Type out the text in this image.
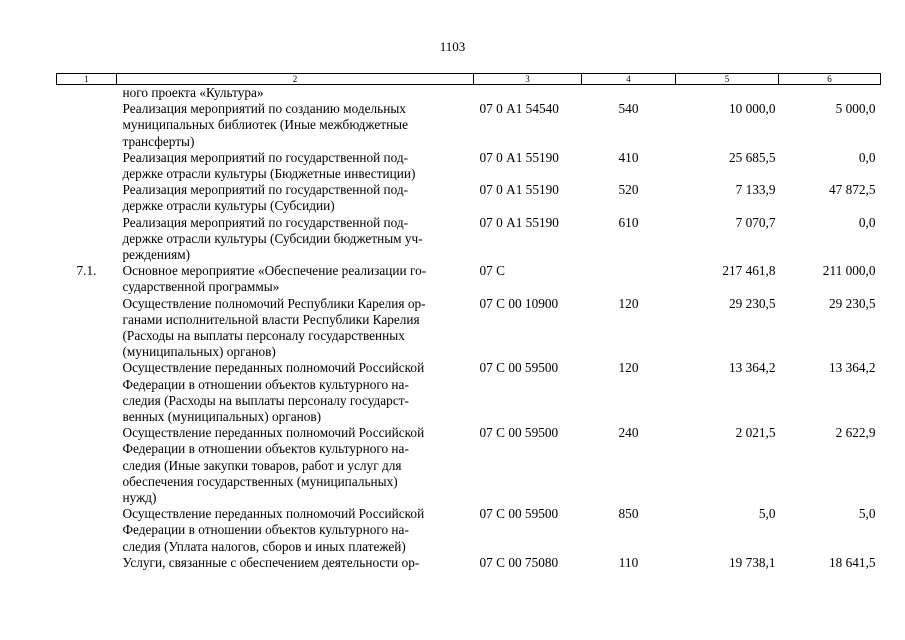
1103
1	2	3	4	5	6

	ного проекта «Культура»				

	Реализация мероприятий по созданию модельных
муниципальных библиотек (Иные межбюджетные
трансферты)	07 0 А1 54540	540	10 000,0	5 000,0

	Реализация мероприятий по государственной под-
держке отрасли культуры (Бюджетные инвестиции)	07 0 А1 55190	410	25 685,5	0,0

	Реализация мероприятий по государственной под-
держке отрасли культуры (Субсидии)	07 0 А1 55190	520	7 133,9	47 872,5

	Реализация мероприятий по государственной под-
держке отрасли культуры (Субсидии бюджетным уч-
реждениям)	07 0 А1 55190	610	7 070,7	0,0
7.1.	Основное мероприятие «Обеспечение реализации го-
сударственной программы»	07 С		217 461,8	211 000,0

	Осуществление полномочий Республики Карелия ор-
ганами исполнительной власти Республики Карелия
(Расходы на выплаты персоналу государственных
(муниципальных) органов)	07 С 00 10900	120	29 230,5	29 230,5

	Осуществление переданных полномочий Российской
Федерации в отношении объектов культурного на-
следия (Расходы на выплаты персоналу государст-
венных (муниципальных) органов)	07 С 00 59500	120	13 364,2	13 364,2

	Осуществление переданных полномочий Российской
Федерации в отношении объектов культурного на-
следия (Иные закупки товаров, работ и услуг для
обеспечения государственных (муниципальных)
нужд)	07 С 00 59500	240	2 021,5	2 622,9

	Осуществление переданных полномочий Российской
Федерации в отношении объектов культурного на-
следия (Уплата налогов, сборов и иных платежей)	07 С 00 59500	850	5,0	5,0

	Услуги, связанные с обеспечением деятельности ор-	07 С 00 75080	110	19 738,1	18 641,5
